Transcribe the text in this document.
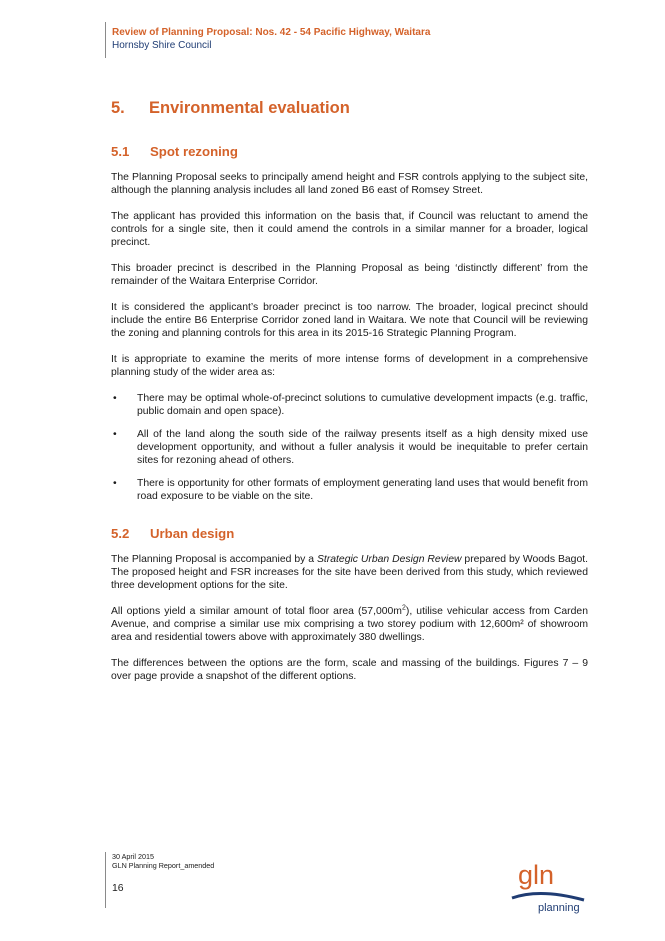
Review of Planning Proposal: Nos. 42 - 54 Pacific Highway, Waitara
Hornsby Shire Council
5.	Environmental evaluation
5.1	Spot rezoning

The Planning Proposal seeks to principally amend height and FSR controls applying to the subject site, although the planning analysis includes all land zoned B6 east of Romsey Street.

The applicant has provided this information on the basis that, if Council was reluctant to amend the controls for a single site, then it could amend the controls in a similar manner for a broader, logical precinct.

This broader precinct is described in the Planning Proposal as being ‘distinctly different’ from the remainder of the Waitara Enterprise Corridor.

It is considered the applicant’s broader precinct is too narrow. The broader, logical precinct should include the entire B6 Enterprise Corridor zoned land in Waitara. We note that Council will be reviewing the zoning and planning controls for this area in its 2015-16 Strategic Planning Program.

It is appropriate to examine the merits of more intense forms of development in a comprehensive planning study of the wider area as:

• There may be optimal whole-of-precinct solutions to cumulative development impacts (e.g. traffic, public domain and open space).
• All of the land along the south side of the railway presents itself as a high density mixed use development opportunity, and without a fuller analysis it would be inequitable to prefer certain sites for rezoning ahead of others.
• There is opportunity for other formats of employment generating land uses that would benefit from road exposure to be viable on the site.
5.2	Urban design

The Planning Proposal is accompanied by a Strategic Urban Design Review prepared by Woods Bagot. The proposed height and FSR increases for the site have been derived from this study, which reviewed three development options for the site.

All options yield a similar amount of total floor area $(57,000m^2)$, utilise vehicular access from Carden Avenue, and comprise a similar use mix comprising a two storey podium with 12,600m² of showroom area and residential towers above with approximately 380 dwellings.

The differences between the options are the form, scale and massing of the buildings. Figures 7 – 9 over page provide a snapshot of the different options.

30 April 2015
GLN Planning Report_amended
16	gln
planning
